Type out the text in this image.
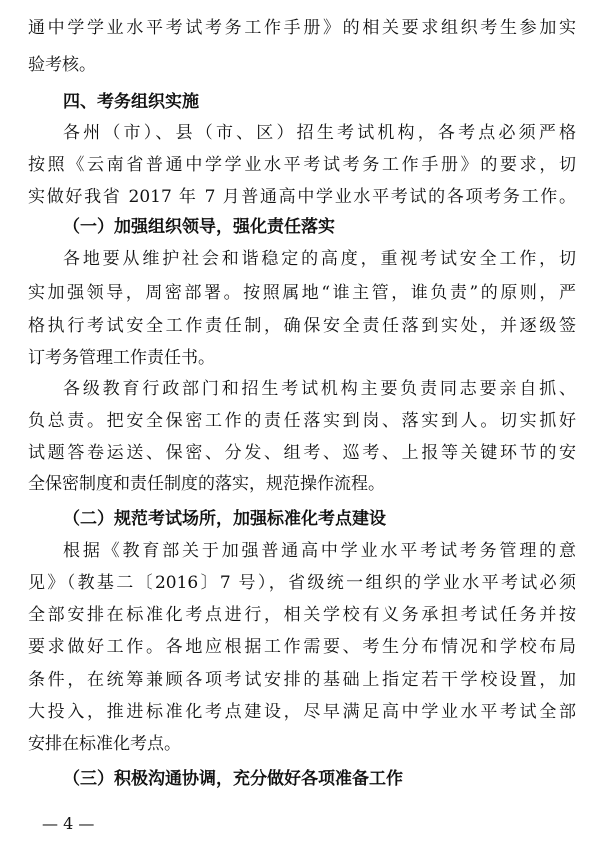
通中学学业水平考试考务工作手册》的相关要求组织考生参加实
验考核。
四、考务组织实施
各州（市）、县（市、区）招生考试机构，各考点必须严格
按照《云南省普通中学学业水平考试考务工作手册》的要求，切
实做好我省 2017 年 7 月普通高中学业水平考试的各项考务工作。
（一）加强组织领导，强化责任落实
各地要从维护社会和谐稳定的高度，重视考试安全工作，切
实加强领导，周密部署。按照属地“谁主管，谁负责”的原则，严
格执行考试安全工作责任制，确保安全责任落到实处，并逐级签
订考务管理工作责任书。
各级教育行政部门和招生考试机构主要负责同志要亲自抓、
负总责。把安全保密工作的责任落实到岗、落实到人。切实抓好
试题答卷运送、保密、分发、组考、巡考、上报等关键环节的安
全保密制度和责任制度的落实，规范操作流程。
（二）规范考试场所，加强标准化考点建设
根据《教育部关于加强普通高中学业水平考试考务管理的意
见》（教基二〔2016〕7 号），省级统一组织的学业水平考试必须
全部安排在标准化考点进行，相关学校有义务承担考试任务并按
要求做好工作。各地应根据工作需要、考生分布情况和学校布局
条件，在统筹兼顾各项考试安排的基础上指定若干学校设置，加
大投入，推进标准化考点建设，尽早满足高中学业水平考试全部
安排在标准化考点。
（三）积极沟通协调，充分做好各项准备工作
— 4 —
